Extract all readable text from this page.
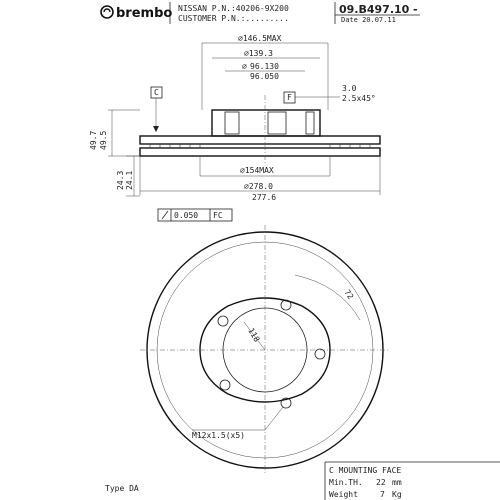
brembo NISSAN P.N.:40206-9X200
CUSTOMER P.N.:.........
09.B497.10 -
Date 20.07.11
∅146.5MAX
∅139.3
∅ 96.130
96.050
C
F
3.0
2.5x45°
49.7 49.5
24.3 24.1
∅154MAX
∅278.0
277.6
0.050 FC
118
72
M12x1.5(x5)
Type DA
C MOUNTING FACE
Min.TH. 22 mm
Weight	7 Kg
